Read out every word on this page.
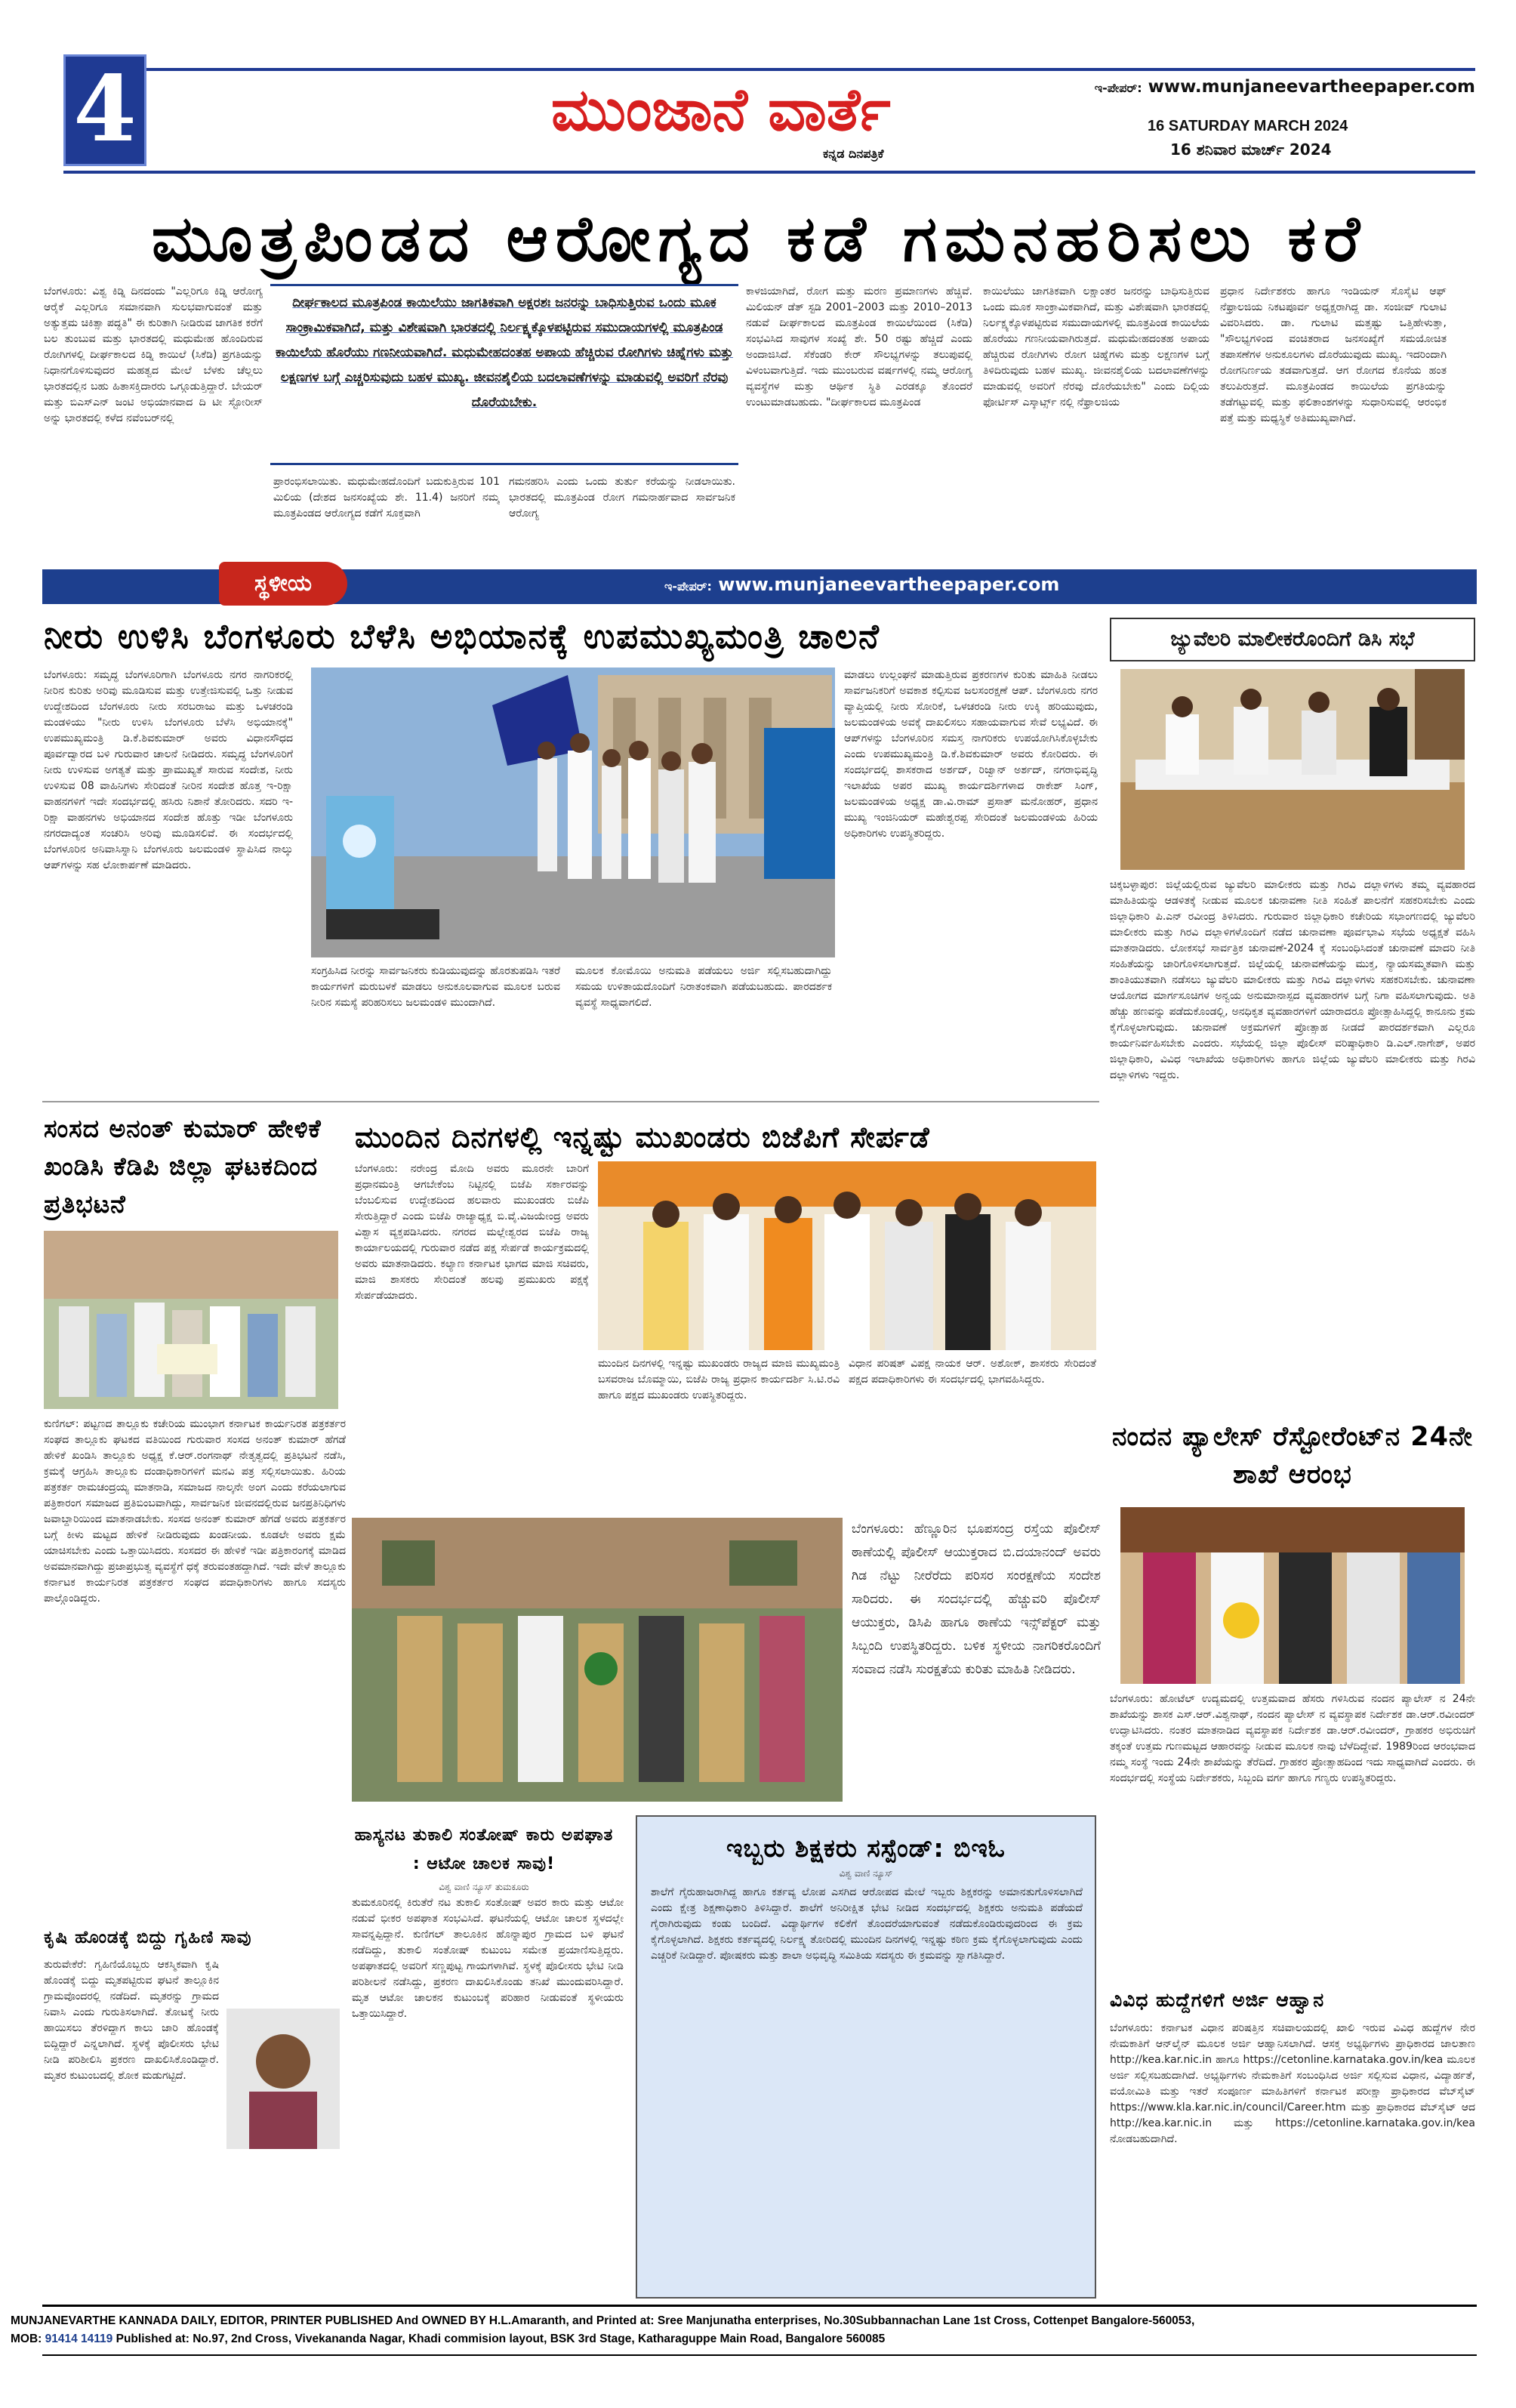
4	ಮುಂಜಾನೆ ವಾರ್ತೆ
ಕನ್ನಡ ದಿನಪತ್ರಿಕೆ
ಇ-ಪೇಪರ್: www.munjaneevartheepaper.com
16 SATURDAY MARCH 2024
16 ಶನಿವಾರ ಮಾರ್ಚ್ 2024
ಮೂತ್ರಪಿಂಡದ ಆರೋಗ್ಯದ ಕಡೆ ಗಮನಹರಿಸಲು ಕರೆ
ಬೆಂಗಳೂರು: ವಿಶ್ವ ಕಿಡ್ನಿ ದಿನದಂದು "ಎಲ್ಲರಿಗೂ ಕಿಡ್ನಿ ಆರೋಗ್ಯ ಆರೈಕೆ ಎಲ್ಲರಿಗೂ ಸಮಾನವಾಗಿ ಸುಲಭವಾಗುವಂತೆ ಮತ್ತು ಅತ್ಯುತ್ತಮ ಚಿಕಿತ್ಸಾ ಪದ್ಧತಿ" ಈ ಕುರಿತಾಗಿ ನೀಡಿರುವ ಜಾಗತಿಕ ಕರೆಗೆ ಬಲ ತುಂಬುವ ಮತ್ತು ಭಾರತದಲ್ಲಿ ಮಧುಮೇಹ ಹೊಂದಿರುವ ರೋಗಿಗಳಲ್ಲಿ ದೀರ್ಘಕಾಲದ ಕಿಡ್ನಿ ಕಾಯಿಲೆ (ಸಿಕೆಡಿ) ಪ್ರಗತಿಯನ್ನು ನಿಧಾನಗೊಳಿಸುವುದರ ಮಹತ್ವದ ಮೇಲೆ ಬೆಳಕು ಚೆಲ್ಲಲು ಭಾರತದಲ್ಲಿನ ಬಹು ಹಿತಾಸಕ್ತಿದಾರರು ಒಗ್ಗೂಡುತ್ತಿದ್ದಾರೆ. ಬೇಯರ್ ಮತ್ತು ಬಿಎಸ್ಎನ್ ಜಂಟಿ ಅಭಿಯಾನವಾದ ದಿ ಟೀ ಸ್ಟೋರೀಸ್ ಅನ್ನು ಭಾರತದಲ್ಲಿ ಕಳೆದ ನವೆಂಬರ್‌ನಲ್ಲಿ
ದೀರ್ಘಕಾಲದ ಮೂತ್ರಪಿಂಡ ಕಾಯಿಲೆಯು ಜಾಗತಿಕವಾಗಿ ಅಕ್ಷರಶಃ ಜನರನ್ನು ಬಾಧಿಸುತ್ತಿರುವ ಒಂದು ಮೂಕ ಸಾಂಕ್ರಾಮಿಕವಾಗಿದೆ, ಮತ್ತು ವಿಶೇಷವಾಗಿ ಭಾರತದಲ್ಲಿ ನಿರ್ಲಕ್ಷ್ಯಕ್ಕೊಳಪಟ್ಟಿರುವ ಸಮುದಾಯಗಳಲ್ಲಿ ಮೂತ್ರಪಿಂಡ ಕಾಯಿಲೆಯ ಹೊರೆಯು ಗಣನೀಯವಾಗಿದೆ. ಮಧುಮೇಹದಂತಹ ಅಪಾಯ ಹೆಚ್ಚಿರುವ ರೋಗಿಗಳು ಚಿಹ್ನೆಗಳು ಮತ್ತು ಲಕ್ಷಣಗಳ ಬಗ್ಗೆ ಎಚ್ಚರಿಸುವುದು ಬಹಳ ಮುಖ್ಯ. ಜೀವನಶೈಲಿಯ ಬದಲಾವಣೆಗಳನ್ನು ಮಾಡುವಲ್ಲಿ ಅವರಿಗೆ ನೆರವು ದೊರೆಯಬೇಕು.
ಪ್ರಾರಂಭಿಸಲಾಯಿತು. ಮಧುಮೇಹದೊಂದಿಗೆ ಬದುಕುತ್ತಿರುವ 101 ಮಿಲಿಯ (ದೇಶದ ಜನಸಂಖ್ಯೆಯ ಶೇ. 11.4) ಜನರಿಗೆ ನಮ್ಮ ಮೂತ್ರಪಿಂಡದ ಆರೋಗ್ಯದ ಕಡೆಗೆ ಸೂಕ್ತವಾಗಿ
ಗಮನಹರಿಸಿ ಎಂದು ಒಂದು ತುರ್ತು ಕರೆಯನ್ನು ನೀಡಲಾಯಿತು. ಭಾರತದಲ್ಲಿ ಮೂತ್ರಪಿಂಡ ರೋಗ ಗಮನಾರ್ಹವಾದ ಸಾರ್ವಜನಿಕ ಆರೋಗ್ಯ
ಕಾಳಜಿಯಾಗಿದೆ, ರೋಗ ಮತ್ತು ಮರಣ ಪ್ರಮಾಣಗಳು ಹೆಚ್ಚಿವೆ. ಮಿಲಿಯನ್ ಡೆತ್ ಸ್ಟಡಿ 2001–2003 ಮತ್ತು 2010–2013 ನಡುವೆ ದೀರ್ಘಕಾಲದ ಮೂತ್ರಪಿಂಡ ಕಾಯಿಲೆಯಿಂದ (ಸಿಕೆಡಿ) ಸಂಭವಿಸಿದ ಸಾವುಗಳ ಸಂಖ್ಯೆ ಶೇ. 50 ರಷ್ಟು ಹೆಚ್ಚಿದೆ ಎಂದು ಅಂದಾಜಿಸಿದೆ. ಸೆಕೆಂಡರಿ ಕೇರ್ ಸೌಲಭ್ಯಗಳನ್ನು ತಲುಪುವಲ್ಲಿ ವಿಳಂಬವಾಗುತ್ತಿದೆ. ಇದು ಮುಂಬರುವ ವರ್ಷಗಳಲ್ಲಿ ನಮ್ಮ ಆರೋಗ್ಯ ವ್ಯವಸ್ಥೆಗಳ ಮತ್ತು ಆರ್ಥಿಕ ಸ್ಥಿತಿ ಎರಡಕ್ಕೂ ತೊಂದರೆ ಉಂಟುಮಾಡಬಹುದು. "ದೀರ್ಘಕಾಲದ ಮೂತ್ರಪಿಂಡ
ಕಾಯಿಲೆಯು ಜಾಗತಿಕವಾಗಿ ಲಕ್ಷಾಂತರ ಜನರನ್ನು ಬಾಧಿಸುತ್ತಿರುವ ಒಂದು ಮೂಕ ಸಾಂಕ್ರಾಮಿಕವಾಗಿದೆ, ಮತ್ತು ವಿಶೇಷವಾಗಿ ಭಾರತದಲ್ಲಿ ನಿರ್ಲಕ್ಷ್ಯಕ್ಕೊಳಪಟ್ಟಿರುವ ಸಮುದಾಯಗಳಲ್ಲಿ ಮೂತ್ರಪಿಂಡ ಕಾಯಿಲೆಯ ಹೊರೆಯು ಗಣನೀಯವಾಗಿರುತ್ತದೆ. ಮಧುಮೇಹದಂತಹ ಅಪಾಯ ಹೆಚ್ಚಿರುವ ರೋಗಿಗಳು ರೋಗ ಚಿಹ್ನೆಗಳು ಮತ್ತು ಲಕ್ಷಣಗಳ ಬಗ್ಗೆ ತಿಳಿದಿರುವುದು ಬಹಳ ಮುಖ್ಯ. ಜೀವನಶೈಲಿಯ ಬದಲಾವಣೆಗಳನ್ನು ಮಾಡುವಲ್ಲಿ ಅವರಿಗೆ ನೆರವು ದೊರೆಯಬೇಕು" ಎಂದು ದಿಲ್ಲಿಯ ಫೋರ್ಟಿಸ್ ಎಸ್ಕಾರ್ಟ್ಸ್ ನಲ್ಲಿ ನೆಫ್ರಾಲಜಿಯ
ಪ್ರಧಾನ ನಿರ್ದೇಶಕರು ಹಾಗೂ ಇಂಡಿಯನ್ ಸೊಸೈಟಿ ಆಫ್ ನೆಫ್ರಾಲಜಿಯ ನಿಕಟಪೂರ್ವ ಅಧ್ಯಕ್ಷರಾಗಿದ್ದ ಡಾ. ಸಂಜೀವ್ ಗುಲಾಟಿ ವಿವರಿಸಿದರು. ಡಾ. ಗುಲಾಟಿ ಮತ್ತಷ್ಟು ಒತ್ತಿಹೇಳುತ್ತಾ, "ಸೌಲಭ್ಯಗಳಿಂದ ವಂಚಿತರಾದ ಜನಸಂಖ್ಯೆಗೆ ಸಮಯೋಚಿತ ತಪಾಸಣೆಗಳ ಅನುಕೂಲಗಳು ದೊರೆಯುವುದು ಮುಖ್ಯ. ಇದರಿಂದಾಗಿ ರೋಗನಿರ್ಣಯ ತಡವಾಗುತ್ತದೆ. ಆಗ ರೋಗದ ಕೊನೆಯ ಹಂತ ತಲುಪಿರುತ್ತದೆ. ಮೂತ್ರಪಿಂಡದ ಕಾಯಿಲೆಯ ಪ್ರಗತಿಯನ್ನು ತಡೆಗಟ್ಟುವಲ್ಲಿ ಮತ್ತು ಫಲಿತಾಂಶಗಳನ್ನು ಸುಧಾರಿಸುವಲ್ಲಿ ಆರಂಭಿಕ ಪತ್ತೆ ಮತ್ತು ಮಧ್ಯಸ್ಥಿಕೆ ಅತಿಮುಖ್ಯವಾಗಿದೆ.
ಸ್ಥಳೀಯ	ಇ-ಪೇಪರ್: www.munjaneevartheepaper.com
ನೀರು ಉಳಿಸಿ ಬೆಂಗಳೂರು ಬೆಳೆಸಿ ಅಭಿಯಾನಕ್ಕೆ ಉಪಮುಖ್ಯಮಂತ್ರಿ ಚಾಲನೆ
ಬೆಂಗಳೂರು: ಸಮೃದ್ಧ ಬೆಂಗಳೂರಿಗಾಗಿ ಬೆಂಗಳೂರು ನಗರ ನಾಗರಿಕರಲ್ಲಿ ನೀರಿನ ಕುರಿತು ಅರಿವು ಮೂಡಿಸುವ ಮತ್ತು ಉತ್ತೇಜಿಸುವಲ್ಲಿ ಒತ್ತು ನೀಡುವ ಉದ್ದೇಶದಿಂದ ಬೆಂಗಳೂರು ನೀರು ಸರಬರಾಜು ಮತ್ತು ಒಳಚರಂಡಿ ಮಂಡಳಿಯು "ನೀರು ಉಳಿಸಿ ಬೆಂಗಳೂರು ಬೆಳೆಸಿ ಅಭಿಯಾನಕ್ಕೆ" ಉಪಮುಖ್ಯಮಂತ್ರಿ ಡಿ.ಕೆ.ಶಿವಕುಮಾರ್ ಅವರು ವಿಧಾನಸೌಧದ ಪೂರ್ವದ್ವಾರದ ಬಳಿ ಗುರುವಾರ ಚಾಲನೆ ನೀಡಿದರು. ಸಮೃದ್ಧ ಬೆಂಗಳೂರಿಗೆ ನೀರು ಉಳಿಸುವ ಅಗತ್ಯತೆ ಮತ್ತು ಪ್ರಾಮುಖ್ಯತೆ ಸಾರುವ ಸಂದೇಶ, ನೀರು ಉಳಿಸುವ 08 ವಾಹಿನಿಗಳು ಸೇರಿದಂತೆ ನೀರಿನ ಸಂದೇಶ ಹೊತ್ತ ಇ-ರಿಕ್ಷಾ ವಾಹನಗಳಿಗೆ ಇದೇ ಸಂದರ್ಭದಲ್ಲಿ ಹಸಿರು ನಿಶಾನೆ ತೋರಿದರು. ಸದರಿ ಇ-ರಿಕ್ಷಾ ವಾಹನಗಳು ಅಭಿಯಾನದ ಸಂದೇಶ ಹೊತ್ತು ಇಡೀ ಬೆಂಗಳೂರು ನಗರದಾದ್ಯಂತ ಸಂಚರಿಸಿ ಅರಿವು ಮೂಡಿಸಲಿವೆ. ಈ ಸಂದರ್ಭದಲ್ಲಿ ಬೆಂಗಳೂರಿನ ಅನಿವಾಸಿಸ್ನಾನಿ ಬೆಂಗಳೂರು ಜಲಮಂಡಳಿ ಸ್ಥಾಪಿಸಿದ ನಾಲ್ಕು ಆಪ್‌ಗಳನ್ನು ಸಹ ಲೋಕಾರ್ಪಣೆ ಮಾಡಿದರು.
ಸಂಗ್ರಹಿಸಿದ ನೀರನ್ನು ಸಾರ್ವಜನಿಕರು ಕುಡಿಯುವುದನ್ನು ಹೊರತುಪಡಿಸಿ ಇತರೆ ಕಾರ್ಯಗಳಿಗೆ ಮರುಬಳಕೆ ಮಾಡಲು ಅನುಕೂಲವಾಗುವ ಮೂಲಕ ಬರುವ ನೀರಿನ ಸಮಸ್ಯೆ ಪರಿಹರಿಸಲು ಜಲಮಂಡಳಿ ಮುಂದಾಗಿದೆ.
ಮೂಲಕ ಕೋಮೊಯಿ ಅನುಮತಿ ಪಡೆಯಲು ಅರ್ಜಿ ಸಲ್ಲಿಸಬಹುದಾಗಿದ್ದು ಸಮಯ ಉಳಿತಾಯದೊಂದಿಗೆ ನಿರಾತಂಕವಾಗಿ ಪಡೆಯಬಹುದು. ಪಾರದರ್ಶಕ ವ್ಯವಸ್ಥೆ ಸಾಧ್ಯವಾಗಲಿದೆ.
ಮಾಡಲು ಉಲ್ಲಂಘನೆ ಮಾಡುತ್ತಿರುವ ಪ್ರಕರಣಗಳ ಕುರಿತು ಮಾಹಿತಿ ನೀಡಲು ಸಾರ್ವಜನಿಕರಿಗೆ ಅವಕಾಶ ಕಲ್ಪಿಸುವ ಜಲಸಂರಕ್ಷಣೆ ಆಪ್. ಬೆಂಗಳೂರು ನಗರ ವ್ಯಾಪ್ತಿಯಲ್ಲಿ ನೀರು ಸೋರಿಕೆ, ಒಳಚರಂಡಿ ನೀರು ಉಕ್ಕಿ ಹರಿಯುವುದು, ಜಲಮಂಡಳಿಯ ಅವಕ್ಕೆ ದಾಖಲಿಸಲು ಸಹಾಯವಾಗುವ ಸೇವೆ ಲಭ್ಯವಿದೆ. ಈ ಆಪ್‌ಗಳನ್ನು ಬೆಂಗಳೂರಿನ ಸಮಸ್ತ ನಾಗರಿಕರು ಉಪಯೋಗಿಸಿಕೊಳ್ಳಬೇಕು ಎಂದು ಉಪಮುಖ್ಯಮಂತ್ರಿ ಡಿ.ಕೆ.ಶಿವಕುಮಾರ್ ಅವರು ಕೋರಿದರು. ಈ ಸಂದರ್ಭದಲ್ಲಿ ಶಾಸಕರಾದ ಅರ್ಶದ್, ರಿಜ್ವಾನ್ ಅರ್ಶದ್, ನಗರಾಭಿವೃದ್ಧಿ ಇಲಾಖೆಯ ಅಪರ ಮುಖ್ಯ ಕಾರ್ಯದರ್ಶಿಗಳಾದ ರಾಕೇಶ್ ಸಿಂಗ್, ಜಲಮಂಡಳಿಯ ಅಧ್ಯಕ್ಷ ಡಾ.ವಿ.ರಾಮ್ ಪ್ರಸಾತ್ ಮನೋಹರ್, ಪ್ರಧಾನ ಮುಖ್ಯ ಇಂಜಿನಿಯರ್ ಮಹೇಶ್ವರಪ್ಪ ಸೇರಿದಂತೆ ಜಲಮಂಡಳಿಯ ಹಿರಿಯ ಅಧಿಕಾರಿಗಳು ಉಪಸ್ಥಿತರಿದ್ದರು.
ಜ್ಯುವೆಲರಿ ಮಾಲೀಕರೊಂದಿಗೆ ಡಿಸಿ ಸಭೆ
ಚಿಕ್ಕಬಳ್ಳಾಪುರ: ಜಿಲ್ಲೆಯಲ್ಲಿರುವ ಜ್ಯುವೆಲರಿ ಮಾಲೀಕರು ಮತ್ತು ಗಿರವಿ ದಲ್ಲಾಳಿಗಳು ತಮ್ಮ ವ್ಯವಹಾರದ ಮಾಹಿತಿಯನ್ನು ಆಡಳಿತಕ್ಕೆ ನೀಡುವ ಮೂಲಕ ಚುನಾವಣಾ ನೀತಿ ಸಂಹಿತೆ ಪಾಲನೆಗೆ ಸಹಕರಿಸಬೇಕು ಎಂದು ಜಿಲ್ಲಾಧಿಕಾರಿ ಪಿ.ಎನ್ ರವೀಂದ್ರ ತಿಳಿಸಿದರು. ಗುರುವಾರ ಜಿಲ್ಲಾಧಿಕಾರಿ ಕಚೇರಿಯ ಸಭಾಂಗಣದಲ್ಲಿ ಜ್ಯುವೆಲರಿ ಮಾಲೀಕರು ಮತ್ತು ಗಿರವಿ ದಲ್ಲಾಳಿಗಳೊಂದಿಗೆ ನಡೆದ ಚುನಾವಣಾ ಪೂರ್ವಭಾವಿ ಸಭೆಯ ಅಧ್ಯಕ್ಷತೆ ವಹಿಸಿ ಮಾತನಾಡಿದರು. ಲೋಕಸಭೆ ಸಾರ್ವತ್ರಿಕ ಚುನಾವಣೆ-2024 ಕ್ಕೆ ಸಂಬಂಧಿಸಿದಂತೆ ಚುನಾವಣೆ ಮಾದರಿ ನೀತಿ ಸಂಹಿತೆಯನ್ನು ಜಾರಿಗೊಳಿಸಲಾಗುತ್ತದೆ. ಜಿಲ್ಲೆಯಲ್ಲಿ ಚುನಾವಣೆಯನ್ನು ಮುಕ್ತ, ನ್ಯಾಯಸಮ್ಮತವಾಗಿ ಮತ್ತು ಶಾಂತಿಯುತವಾಗಿ ನಡೆಸಲು ಜ್ಯುವೆಲರಿ ಮಾಲೀಕರು ಮತ್ತು ಗಿರವಿ ದಲ್ಲಾಳಿಗಳು ಸಹಕರಿಸಬೇಕು. ಚುನಾವಣಾ ಆಯೋಗದ ಮಾರ್ಗಸೂಚಿಗಳ ಅನ್ವಯ ಅನುಮಾನಾಸ್ಪದ ವ್ಯವಹಾರಗಳ ಬಗ್ಗೆ ನಿಗಾ ವಹಿಸಲಾಗುವುದು. ಅತಿ ಹೆಚ್ಚು ಹಣವನ್ನು ಪಡೆದುಕೊಂಡಲ್ಲಿ, ಅನಧಿಕೃತ ವ್ಯವಹಾರಗಳಿಗೆ ಯಾರಾದರೂ ಪ್ರೋತ್ಸಾಹಿಸಿದ್ದಲ್ಲಿ ಕಾನೂನು ಕ್ರಮ ಕೈಗೊಳ್ಳಲಾಗುವುದು. ಚುನಾವಣೆ ಅಕ್ರಮಗಳಿಗೆ ಪ್ರೋತ್ಸಾಹ ನೀಡದೆ ಪಾರದರ್ಶಕವಾಗಿ ಎಲ್ಲರೂ ಕಾರ್ಯನಿರ್ವಹಿಸಬೇಕು ಎಂದರು. ಸಭೆಯಲ್ಲಿ ಜಿಲ್ಲಾ ಪೊಲೀಸ್ ವರಿಷ್ಠಾಧಿಕಾರಿ ಡಿ.ಎಲ್.ನಾಗೇಶ್, ಅಪರ ಜಿಲ್ಲಾಧಿಕಾರಿ, ವಿವಿಧ ಇಲಾಖೆಯ ಅಧಿಕಾರಿಗಳು ಹಾಗೂ ಜಿಲ್ಲೆಯ ಜ್ಯುವೆಲರಿ ಮಾಲೀಕರು ಮತ್ತು ಗಿರವಿ ದಲ್ಲಾಳಿಗಳು ಇದ್ದರು.
ಸಂಸದ ಅನಂತ್ ಕುಮಾರ್ ಹೇಳಿಕೆ ಖಂಡಿಸಿ ಕೆಡಿಪಿ ಜಿಲ್ಲಾ ಘಟಕದಿಂದ ಪ್ರತಿಭಟನೆ
ಕುಣಿಗಲ್: ಪಟ್ಟಣದ ತಾಲ್ಲೂಕು ಕಚೇರಿಯ ಮುಂಭಾಗ ಕರ್ನಾಟಕ ಕಾರ್ಯನಿರತ ಪತ್ರಕರ್ತರ ಸಂಘದ ತಾಲ್ಲೂಕು ಘಟಕದ ವತಿಯಿಂದ ಗುರುವಾರ ಸಂಸದ ಅನಂತ್ ಕುಮಾರ್ ಹೆಗಡೆ ಹೇಳಿಕೆ ಖಂಡಿಸಿ ತಾಲ್ಲೂಕು ಅಧ್ಯಕ್ಷ ಕೆ.ಆರ್.ರಂಗನಾಥ್ ನೇತೃತ್ವದಲ್ಲಿ ಪ್ರತಿಭಟನೆ ನಡೆಸಿ, ಕ್ರಮಕ್ಕೆ ಆಗ್ರಹಿಸಿ ತಾಲ್ಲೂಕು ದಂಡಾಧಿಕಾರಿಗಳಿಗೆ ಮನವಿ ಪತ್ರ ಸಲ್ಲಿಸಲಾಯಿತು. ಹಿರಿಯ ಪತ್ರಕರ್ತ ರಾಮಚಂದ್ರಯ್ಯ ಮಾತನಾಡಿ, ಸಮಾಜದ ನಾಲ್ಕನೇ ಅಂಗ ಎಂದು ಕರೆಯಲಾಗುವ ಪತ್ರಿಕಾರಂಗ ಸಮಾಜದ ಪ್ರತಿಬಿಂಬವಾಗಿದ್ದು, ಸಾರ್ವಜನಿಕ ಜೀವನದಲ್ಲಿರುವ ಜನಪ್ರತಿನಿಧಿಗಳು ಜವಾಬ್ದಾರಿಯಿಂದ ಮಾತನಾಡಬೇಕು. ಸಂಸದ ಅನಂತ್ ಕುಮಾರ್ ಹೆಗಡೆ ಅವರು ಪತ್ರಕರ್ತರ ಬಗ್ಗೆ ಕೀಳು ಮಟ್ಟದ ಹೇಳಿಕೆ ನೀಡಿರುವುದು ಖಂಡನೀಯ. ಕೂಡಲೇ ಅವರು ಕ್ಷಮೆ ಯಾಚಿಸಬೇಕು ಎಂದು ಒತ್ತಾಯಿಸಿದರು. ಸಂಸದರ ಈ ಹೇಳಿಕೆ ಇಡೀ ಪತ್ರಿಕಾರಂಗಕ್ಕೆ ಮಾಡಿದ ಅವಮಾನವಾಗಿದ್ದು ಪ್ರಜಾಪ್ರಭುತ್ವ ವ್ಯವಸ್ಥೆಗೆ ಧಕ್ಕೆ ತರುವಂತಹದ್ದಾಗಿದೆ. ಇದೇ ವೇಳೆ ತಾಲ್ಲೂಕು ಕರ್ನಾಟಕ ಕಾರ್ಯನಿರತ ಪತ್ರಕರ್ತರ ಸಂಘದ ಪದಾಧಿಕಾರಿಗಳು ಹಾಗೂ ಸದಸ್ಯರು ಪಾಲ್ಗೊಂಡಿದ್ದರು.
ಮುಂದಿನ ದಿನಗಳಲ್ಲಿ ಇನ್ನಷ್ಟು ಮುಖಂಡರು ಬಿಜೆಪಿಗೆ ಸೇರ್ಪಡೆ
ಬೆಂಗಳೂರು: ನರೇಂದ್ರ ಮೋದಿ ಅವರು ಮೂರನೇ ಬಾರಿಗೆ ಪ್ರಧಾನಮಂತ್ರಿ ಆಗಬೇಕೆಂಬ ನಿಟ್ಟಿನಲ್ಲಿ ಬಿಜೆಪಿ ಸರ್ಕಾರವನ್ನು ಬೆಂಬಲಿಸುವ ಉದ್ದೇಶದಿಂದ ಹಲವಾರು ಮುಖಂಡರು ಬಿಜೆಪಿ ಸೇರುತ್ತಿದ್ದಾರೆ ಎಂದು ಬಿಜೆಪಿ ರಾಜ್ಯಾಧ್ಯಕ್ಷ ಬಿ.ವೈ.ವಿಜಯೇಂದ್ರ ಅವರು ವಿಶ್ವಾಸ ವ್ಯಕ್ತಪಡಿಸಿದರು. ನಗರದ ಮಲ್ಲೇಶ್ವರದ ಬಿಜೆಪಿ ರಾಜ್ಯ ಕಾರ್ಯಾಲಯದಲ್ಲಿ ಗುರುವಾರ ನಡೆದ ಪಕ್ಷ ಸೇರ್ಪಡೆ ಕಾರ್ಯಕ್ರಮದಲ್ಲಿ ಅವರು ಮಾತನಾಡಿದರು. ಕಲ್ಯಾಣ ಕರ್ನಾಟಕ ಭಾಗದ ಮಾಜಿ ಸಚಿವರು, ಮಾಜಿ ಶಾಸಕರು ಸೇರಿದಂತೆ ಹಲವು ಪ್ರಮುಖರು ಪಕ್ಷಕ್ಕೆ ಸೇರ್ಪಡೆಯಾದರು.
ಮುಂದಿನ ದಿನಗಳಲ್ಲಿ ಇನ್ನಷ್ಟು ಮುಖಂಡರು ರಾಜ್ಯದ ಮಾಜಿ ಮುಖ್ಯಮಂತ್ರಿ ಬಸವರಾಜ ಬೊಮ್ಮಾಯಿ, ಬಿಜೆಪಿ ರಾಜ್ಯ ಪ್ರಧಾನ ಕಾರ್ಯದರ್ಶಿ ಸಿ.ಟಿ.ರವಿ ಹಾಗೂ ಪಕ್ಷದ ಮುಖಂಡರು ಉಪಸ್ಥಿತರಿದ್ದರು.
ವಿಧಾನ ಪರಿಷತ್ ವಿಪಕ್ಷ ನಾಯಕ ಆರ್. ಅಶೋಕ್, ಶಾಸಕರು ಸೇರಿದಂತೆ ಪಕ್ಷದ ಪದಾಧಿಕಾರಿಗಳು ಈ ಸಂದರ್ಭದಲ್ಲಿ ಭಾಗವಹಿಸಿದ್ದರು.
ಬೆಂಗಳೂರು: ಹೆಣ್ಣೂರಿನ ಭೂಪಸಂದ್ರ ರಸ್ತೆಯ ಪೊಲೀಸ್ ಠಾಣೆಯಲ್ಲಿ ಪೊಲೀಸ್ ಆಯುಕ್ತರಾದ ಬಿ.ದಯಾನಂದ್ ಅವರು ಗಿಡ ನೆಟ್ಟು ನೀರೆರೆದು ಪರಿಸರ ಸಂರಕ್ಷಣೆಯ ಸಂದೇಶ ಸಾರಿದರು. ಈ ಸಂದರ್ಭದಲ್ಲಿ ಹೆಚ್ಚುವರಿ ಪೊಲೀಸ್ ಆಯುಕ್ತರು, ಡಿಸಿಪಿ ಹಾಗೂ ಠಾಣೆಯ ಇನ್ಸ್‌ಪೆಕ್ಟರ್ ಮತ್ತು ಸಿಬ್ಬಂದಿ ಉಪಸ್ಥಿತರಿದ್ದರು. ಬಳಿಕ ಸ್ಥಳೀಯ ನಾಗರಿಕರೊಂದಿಗೆ ಸಂವಾದ ನಡೆಸಿ ಸುರಕ್ಷತೆಯ ಕುರಿತು ಮಾಹಿತಿ ನೀಡಿದರು.
ನಂದನ ಪ್ಯಾಲೇಸ್ ರೆಸ್ಟೋರೆಂಟ್‌ನ 24ನೇ ಶಾಖೆ ಆರಂಭ
ಬೆಂಗಳೂರು: ಹೋಟೆಲ್ ಉದ್ಯಮದಲ್ಲಿ ಉತ್ತಮವಾದ ಹೆಸರು ಗಳಿಸಿರುವ ನಂದನ ಪ್ಯಾಲೇಸ್ ನ 24ನೇ ಶಾಖೆಯನ್ನು ಶಾಸಕ ಎಸ್.ಆರ್.ವಿಶ್ವನಾಥ್, ನಂದನ ಪ್ಯಾಲೇಸ್ ನ ವ್ಯವಸ್ಥಾಪಕ ನಿರ್ದೇಶಕ ಡಾ.ಆರ್.ರವೀಂದರ್ ಉದ್ಘಾಟಿಸಿದರು. ನಂತರ ಮಾತನಾಡಿದ ವ್ಯವಸ್ಥಾಪಕ ನಿರ್ದೇಶಕ ಡಾ.ಆರ್.ರವೀಂದರ್, ಗ್ರಾಹಕರ ಅಭಿರುಚಿಗೆ ತಕ್ಕಂತೆ ಉತ್ತಮ ಗುಣಮಟ್ಟದ ಆಹಾರವನ್ನು ನೀಡುವ ಮೂಲಕ ನಾವು ಬೆಳೆದಿದ್ದೇವೆ. 1989ರಿಂದ ಆರಂಭವಾದ ನಮ್ಮ ಸಂಸ್ಥೆ ಇಂದು 24ನೇ ಶಾಖೆಯನ್ನು ತೆರೆದಿದೆ. ಗ್ರಾಹಕರ ಪ್ರೋತ್ಸಾಹದಿಂದ ಇದು ಸಾಧ್ಯವಾಗಿದೆ ಎಂದರು. ಈ ಸಂದರ್ಭದಲ್ಲಿ ಸಂಸ್ಥೆಯ ನಿರ್ದೇಶಕರು, ಸಿಬ್ಬಂದಿ ವರ್ಗ ಹಾಗೂ ಗಣ್ಯರು ಉಪಸ್ಥಿತರಿದ್ದರು.
ಹಾಸ್ಯನಟ ತುಕಾಲಿ ಸಂತೋಷ್ ಕಾರು ಅಪಘಾತ : ಆಟೋ ಚಾಲಕ ಸಾವು!
ವಿಶ್ವ ವಾಣಿ ನ್ಯೂಸ್ ತುಮಕೂರು
ತುಮಕೂರಿನಲ್ಲಿ ಕಿರುತೆರೆ ನಟ ತುಕಾಲಿ ಸಂತೋಷ್ ಅವರ ಕಾರು ಮತ್ತು ಆಟೋ ನಡುವೆ ಭೀಕರ ಅಪಘಾತ ಸಂಭವಿಸಿದೆ. ಘಟನೆಯಲ್ಲಿ ಆಟೋ ಚಾಲಕ ಸ್ಥಳದಲ್ಲೇ ಸಾವನ್ನಪ್ಪಿದ್ದಾನೆ. ಕುಣಿಗಲ್ ತಾಲೂಕಿನ ಹೊನ್ನಾಪುರ ಗ್ರಾಮದ ಬಳಿ ಘಟನೆ ನಡೆದಿದ್ದು, ತುಕಾಲಿ ಸಂತೋಷ್ ಕುಟುಂಬ ಸಮೇತ ಪ್ರಯಾಣಿಸುತ್ತಿದ್ದರು. ಅಪಘಾತದಲ್ಲಿ ಅವರಿಗೆ ಸಣ್ಣಪುಟ್ಟ ಗಾಯಗಳಾಗಿವೆ. ಸ್ಥಳಕ್ಕೆ ಪೊಲೀಸರು ಭೇಟಿ ನೀಡಿ ಪರಿಶೀಲನೆ ನಡೆಸಿದ್ದು, ಪ್ರಕರಣ ದಾಖಲಿಸಿಕೊಂಡು ತನಿಖೆ ಮುಂದುವರಿಸಿದ್ದಾರೆ. ಮೃತ ಆಟೋ ಚಾಲಕನ ಕುಟುಂಬಕ್ಕೆ ಪರಿಹಾರ ನೀಡುವಂತೆ ಸ್ಥಳೀಯರು ಒತ್ತಾಯಿಸಿದ್ದಾರೆ.
ಇಬ್ಬರು ಶಿಕ್ಷಕರು ಸಸ್ಪೆಂಡ್: ಬಿಇಓ
ವಿಶ್ವ ವಾಣಿ ನ್ಯೂಸ್
ಶಾಲೆಗೆ ಗೈರುಹಾಜರಾಗಿದ್ದ ಹಾಗೂ ಕರ್ತವ್ಯ ಲೋಪ ಎಸಗಿದ ಆರೋಪದ ಮೇಲೆ ಇಬ್ಬರು ಶಿಕ್ಷಕರನ್ನು ಅಮಾನತುಗೊಳಿಸಲಾಗಿದೆ ಎಂದು ಕ್ಷೇತ್ರ ಶಿಕ್ಷಣಾಧಿಕಾರಿ ತಿಳಿಸಿದ್ದಾರೆ. ಶಾಲೆಗೆ ಅನಿರೀಕ್ಷಿತ ಭೇಟಿ ನೀಡಿದ ಸಂದರ್ಭದಲ್ಲಿ ಶಿಕ್ಷಕರು ಅನುಮತಿ ಪಡೆಯದೆ ಗೈರಾಗಿರುವುದು ಕಂಡು ಬಂದಿದೆ. ವಿದ್ಯಾರ್ಥಿಗಳ ಕಲಿಕೆಗೆ ತೊಂದರೆಯಾಗುವಂತೆ ನಡೆದುಕೊಂಡಿರುವುದರಿಂದ ಈ ಕ್ರಮ ಕೈಗೊಳ್ಳಲಾಗಿದೆ. ಶಿಕ್ಷಕರು ಕರ್ತವ್ಯದಲ್ಲಿ ನಿರ್ಲಕ್ಷ್ಯ ತೋರಿದಲ್ಲಿ ಮುಂದಿನ ದಿನಗಳಲ್ಲಿ ಇನ್ನಷ್ಟು ಕಠಿಣ ಕ್ರಮ ಕೈಗೊಳ್ಳಲಾಗುವುದು ಎಂದು ಎಚ್ಚರಿಕೆ ನೀಡಿದ್ದಾರೆ. ಪೋಷಕರು ಮತ್ತು ಶಾಲಾ ಅಭಿವೃದ್ಧಿ ಸಮಿತಿಯ ಸದಸ್ಯರು ಈ ಕ್ರಮವನ್ನು ಸ್ವಾಗತಿಸಿದ್ದಾರೆ.
ಕೃಷಿ ಹೊಂಡಕ್ಕೆ ಬಿದ್ದು ಗೃಹಿಣಿ ಸಾವು
ತುರುವೇಕೆರೆ: ಗೃಹಿಣಿಯೊಬ್ಬರು ಆಕಸ್ಮಿಕವಾಗಿ ಕೃಷಿ ಹೊಂಡಕ್ಕೆ ಬಿದ್ದು ಮೃತಪಟ್ಟಿರುವ ಘಟನೆ ತಾಲ್ಲೂಕಿನ ಗ್ರಾಮವೊಂದರಲ್ಲಿ ನಡೆದಿದೆ. ಮೃತರನ್ನು ಗ್ರಾಮದ ನಿವಾಸಿ ಎಂದು ಗುರುತಿಸಲಾಗಿದೆ. ತೋಟಕ್ಕೆ ನೀರು ಹಾಯಿಸಲು ತೆರಳಿದ್ದಾಗ ಕಾಲು ಜಾರಿ ಹೊಂಡಕ್ಕೆ ಬಿದ್ದಿದ್ದಾರೆ ಎನ್ನಲಾಗಿದೆ. ಸ್ಥಳಕ್ಕೆ ಪೊಲೀಸರು ಭೇಟಿ ನೀಡಿ ಪರಿಶೀಲಿಸಿ ಪ್ರಕರಣ ದಾಖಲಿಸಿಕೊಂಡಿದ್ದಾರೆ. ಮೃತರ ಕುಟುಂಬದಲ್ಲಿ ಶೋಕ ಮಡುಗಟ್ಟಿದೆ.
ವಿವಿಧ ಹುದ್ದೆಗಳಿಗೆ ಅರ್ಜಿ ಆಹ್ವಾನ
ಬೆಂಗಳೂರು: ಕರ್ನಾಟಕ ವಿಧಾನ ಪರಿಷತ್ತಿನ ಸಚಿವಾಲಯದಲ್ಲಿ ಖಾಲಿ ಇರುವ ವಿವಿಧ ಹುದ್ದೆಗಳ ನೇರ ನೇಮಕಾತಿಗೆ ಆನ್‌ಲೈನ್ ಮೂಲಕ ಅರ್ಜಿ ಆಹ್ವಾನಿಸಲಾಗಿದೆ. ಆಸಕ್ತ ಅಭ್ಯರ್ಥಿಗಳು ಪ್ರಾಧಿಕಾರದ ಜಾಲತಾಣ http://kea.kar.nic.in ಹಾಗೂ https://cetonline.karnataka.gov.in/kea ಮೂಲಕ ಅರ್ಜಿ ಸಲ್ಲಿಸಬಹುದಾಗಿದೆ. ಅಭ್ಯರ್ಥಿಗಳು ನೇಮಕಾತಿಗೆ ಸಂಬಂಧಿಸಿದ ಅರ್ಜಿ ಸಲ್ಲಿಸುವ ವಿಧಾನ, ವಿದ್ಯಾರ್ಹತೆ, ವಯೋಮಿತಿ ಮತ್ತು ಇತರೆ ಸಂಪೂರ್ಣ ಮಾಹಿತಿಗಳಿಗೆ ಕರ್ನಾಟಕ ಪರೀಕ್ಷಾ ಪ್ರಾಧಿಕಾರದ ವೆಬ್‌ಸೈಟ್ https://www.kla.kar.nic.in/council/Career.htm ಮತ್ತು ಪ್ರಾಧಿಕಾರದ ವೆಬ್‌ಸೈಟ್ ಆದ http://kea.kar.nic.in ಮತ್ತು https://cetonline.karnataka.gov.in/kea ನೋಡಬಹುದಾಗಿದೆ.
MUNJANEVARTHE KANNADA DAILY, EDITOR, PRINTER PUBLISHED And OWNED BY H.L.Amaranth, and Printed at: Sree Manjunatha enterprises, No.30Subbannachan Lane 1st Cross, Cottenpet Bangalore-560053,
MOB: 91414 14119 Published at: No.97, 2nd Cross, Vivekananda Nagar, Khadi commision layout, BSK 3rd Stage, Katharaguppe Main Road, Bangalore 560085
